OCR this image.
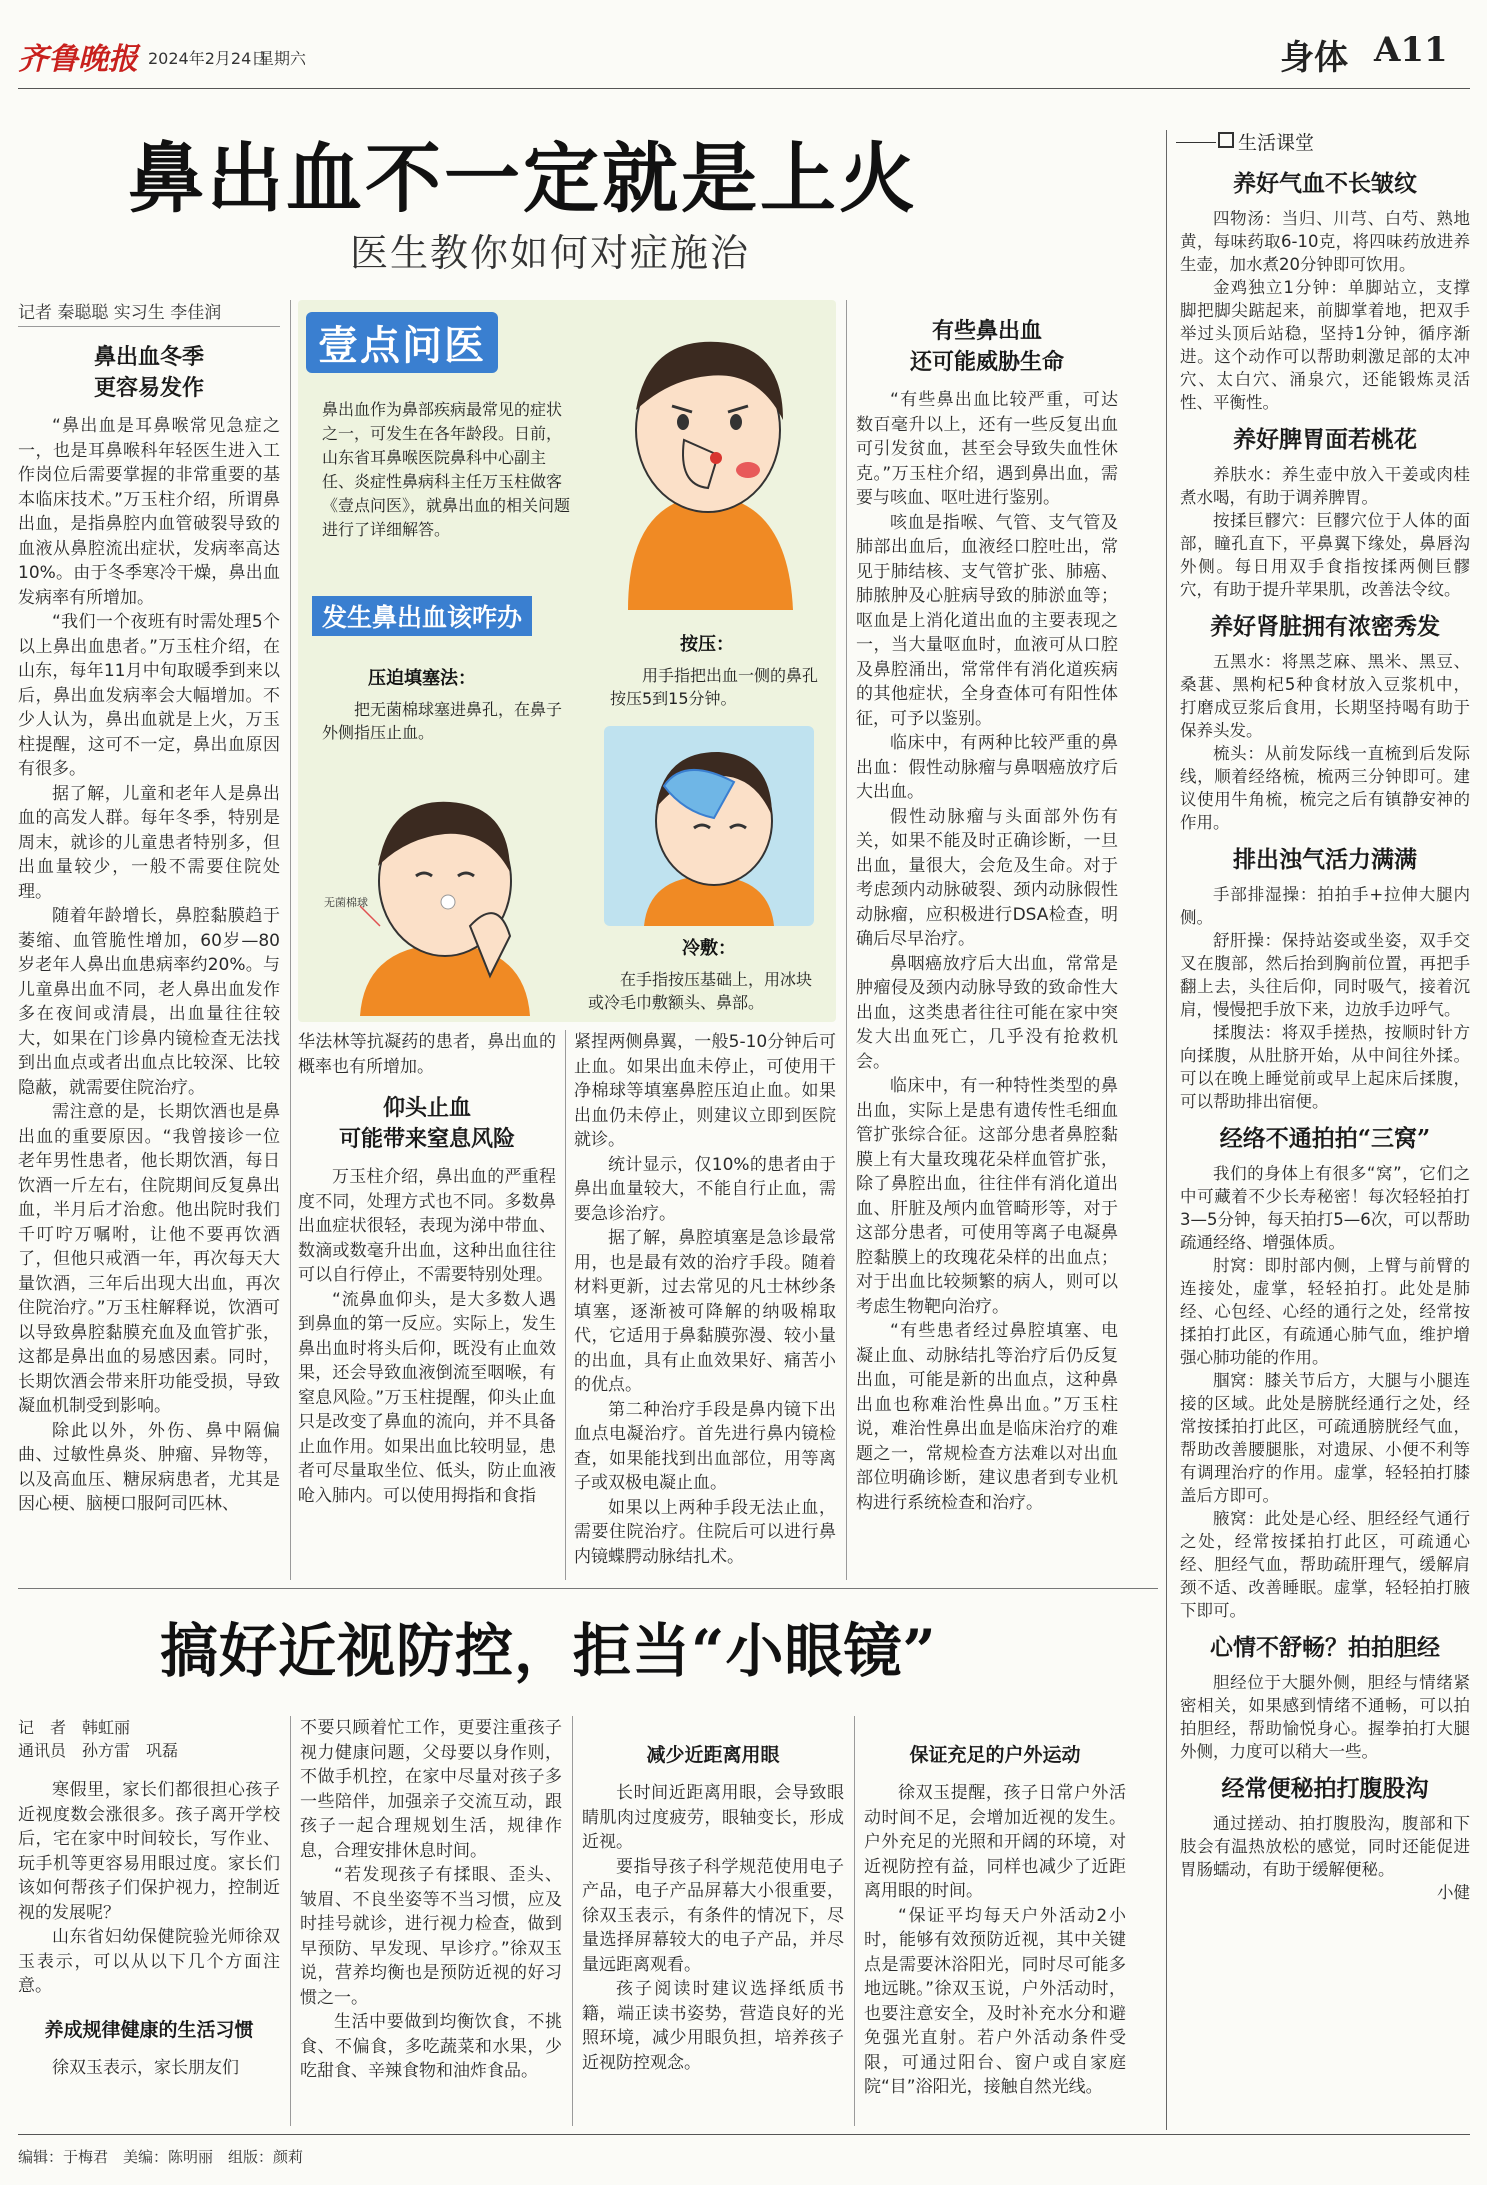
齐鲁晚报 2024年2月24日
星期六	身体 A11
鼻出血不一定就是上火
医生教你如何对症施治
记者 秦聪聪 实习生 李佳润
鼻出血冬季
更容易发作

“鼻出血是耳鼻喉常见急症之一，也是耳鼻喉科年轻医生进入工作岗位后需要掌握的非常重要的基本临床技术。”万玉柱介绍，所谓鼻出血，是指鼻腔内血管破裂导致的血液从鼻腔流出症状，发病率高达10%。由于冬季寒冷干燥，鼻出血发病率有所增加。

“我们一个夜班有时需处理5个以上鼻出血患者。”万玉柱介绍，在山东，每年11月中旬取暖季到来以后，鼻出血发病率会大幅增加。不少人认为，鼻出血就是上火，万玉柱提醒，这可不一定，鼻出血原因有很多。

据了解，儿童和老年人是鼻出血的高发人群。每年冬季，特别是周末，就诊的儿童患者特别多，但出血量较少，一般不需要住院处理。

随着年龄增长，鼻腔黏膜趋于萎缩、血管脆性增加，60岁—80岁老年人鼻出血患病率约20%。与儿童鼻出血不同，老人鼻出血发作多在夜间或清晨，出血量往往较大，如果在门诊鼻内镜检查无法找到出血点或者出血点比较深、比较隐蔽，就需要住院治疗。

需注意的是，长期饮酒也是鼻出血的重要原因。“我曾接诊一位老年男性患者，他长期饮酒，每日饮酒一斤左右，住院期间反复鼻出血，半月后才治愈。他出院时我们千叮咛万嘱咐，让他不要再饮酒了，但他只戒酒一年，再次每天大量饮酒，三年后出现大出血，再次住院治疗。”万玉柱解释说，饮酒可以导致鼻腔黏膜充血及血管扩张，这都是鼻出血的易感因素。同时，长期饮酒会带来肝功能受损，导致凝血机制受到影响。

除此以外，外伤、鼻中隔偏曲、过敏性鼻炎、肿瘤、异物等，以及高血压、糖尿病患者，尤其是因心梗、脑梗口服阿司匹林、

壹点问医
鼻出血作为鼻部疾病最常见的症状之一，可发生在各年龄段。日前，山东省耳鼻喉医院鼻科中心副主任、炎症性鼻病科主任万玉柱做客《壹点问医》，就鼻出血的相关问题进行了详细解答。
发生鼻出血该咋办
压迫填塞法：
把无菌棉球塞进鼻孔，在鼻子外侧指压止血。
按压：
用手指把出血一侧的鼻孔按压5到15分钟。
无菌棉球
冷敷：
在手指按压基础上，用冰块或冷毛巾敷额头、鼻部。

华法林等抗凝药的患者，鼻出血的概率也有所增加。

仰头止血
可能带来窒息风险

万玉柱介绍，鼻出血的严重程度不同，处理方式也不同。多数鼻出血症状很轻，表现为涕中带血、数滴或数毫升出血，这种出血往往可以自行停止，不需要特别处理。

“流鼻血仰头，是大多数人遇到鼻血的第一反应。实际上，发生鼻出血时将头后仰，既没有止血效果，还会导致血液倒流至咽喉，有窒息风险。”万玉柱提醒，仰头止血只是改变了鼻血的流向，并不具备止血作用。如果出血比较明显，患者可尽量取坐位、低头，防止血液呛入肺内。可以使用拇指和食指

紧捏两侧鼻翼，一般5-10分钟后可止血。如果出血未停止，可使用干净棉球等填塞鼻腔压迫止血。如果出血仍未停止，则建议立即到医院就诊。

统计显示，仅10%的患者由于鼻出血量较大，不能自行止血，需要急诊治疗。

据了解，鼻腔填塞是急诊最常用，也是最有效的治疗手段。随着材料更新，过去常见的凡士林纱条填塞，逐渐被可降解的纳吸棉取代，它适用于鼻黏膜弥漫、较小量的出血，具有止血效果好、痛苦小的优点。

第二种治疗手段是鼻内镜下出血点电凝治疗。首先进行鼻内镜检查，如果能找到出血部位，用等离子或双极电凝止血。

如果以上两种手段无法止血，需要住院治疗。住院后可以进行鼻内镜蝶腭动脉结扎术。

有些鼻出血
还可能威胁生命

“有些鼻出血比较严重，可达数百毫升以上，还有一些反复出血可引发贫血，甚至会导致失血性休克。”万玉柱介绍，遇到鼻出血，需要与咳血、呕吐进行鉴别。

咳血是指喉、气管、支气管及肺部出血后，血液经口腔吐出，常见于肺结核、支气管扩张、肺癌、肺脓肿及心脏病导致的肺淤血等；呕血是上消化道出血的主要表现之一，当大量呕血时，血液可从口腔及鼻腔涌出，常常伴有消化道疾病的其他症状，全身查体可有阳性体征，可予以鉴别。

临床中，有两种比较严重的鼻出血：假性动脉瘤与鼻咽癌放疗后大出血。

假性动脉瘤与头面部外伤有关，如果不能及时正确诊断，一旦出血，量很大，会危及生命。对于考虑颈内动脉破裂、颈内动脉假性动脉瘤，应积极进行DSA检查，明确后尽早治疗。

鼻咽癌放疗后大出血，常常是肿瘤侵及颈内动脉导致的致命性大出血，这类患者往往可能在家中突发大出血死亡，几乎没有抢救机会。

临床中，有一种特性类型的鼻出血，实际上是患有遗传性毛细血管扩张综合征。这部分患者鼻腔黏膜上有大量玫瑰花朵样血管扩张，除了鼻腔出血，往往伴有消化道出血、肝脏及颅内血管畸形等，对于这部分患者，可使用等离子电凝鼻腔黏膜上的玫瑰花朵样的出血点；对于出血比较频繁的病人，则可以考虑生物靶向治疗。

“有些患者经过鼻腔填塞、电凝止血、动脉结扎等治疗后仍反复出血，可能是新的出血点，这种鼻出血也称难治性鼻出血。”万玉柱说，难治性鼻出血是临床治疗的难题之一，常规检查方法难以对出血部位明确诊断，建议患者到专业机构进行系统检查和治疗。

生活课堂
养好气血不长皱纹

四物汤：当归、川芎、白芍、熟地黄，每味药取6-10克，将四味药放进养生壶，加水煮20分钟即可饮用。

金鸡独立1分钟：单脚站立，支撑脚把脚尖踮起来，前脚掌着地，把双手举过头顶后站稳，坚持1分钟，循序渐进。这个动作可以帮助刺激足部的太冲穴、太白穴、涌泉穴，还能锻炼灵活性、平衡性。

养好脾胃面若桃花

养肤水：养生壶中放入干姜或肉桂煮水喝，有助于调养脾胃。

按揉巨髎穴：巨髎穴位于人体的面部，瞳孔直下，平鼻翼下缘处，鼻唇沟外侧。每日用双手食指按揉两侧巨髎穴，有助于提升苹果肌，改善法令纹。

养好肾脏拥有浓密秀发

五黑水：将黑芝麻、黑米、黑豆、桑葚、黑枸杞5种食材放入豆浆机中，打磨成豆浆后食用，长期坚持喝有助于保养头发。

梳头：从前发际线一直梳到后发际线，顺着经络梳，梳两三分钟即可。建议使用牛角梳，梳完之后有镇静安神的作用。

排出浊气活力满满

手部排湿操：拍拍手+拉伸大腿内侧。

舒肝操：保持站姿或坐姿，双手交叉在腹部，然后抬到胸前位置，再把手翻上去，头往后仰，同时吸气，接着沉肩，慢慢把手放下来，边放手边呼气。

揉腹法：将双手搓热，按顺时针方向揉腹，从肚脐开始，从中间往外揉。可以在晚上睡觉前或早上起床后揉腹，可以帮助排出宿便。

经络不通拍拍“三窝”

我们的身体上有很多“窝”，它们之中可藏着不少长寿秘密！每次轻轻拍打3—5分钟，每天拍打5—6次，可以帮助疏通经络、增强体质。

肘窝：即肘部内侧，上臂与前臂的连接处，虚掌，轻轻拍打。此处是肺经、心包经、心经的通行之处，经常按揉拍打此区，有疏通心肺气血，维护增强心肺功能的作用。

腘窝：膝关节后方，大腿与小腿连接的区域。此处是膀胱经通行之处，经常按揉拍打此区，可疏通膀胱经气血，帮助改善腰腿胀，对遗尿、小便不利等有调理治疗的作用。虚掌，轻轻拍打膝盖后方即可。

腋窝：此处是心经、胆经经气通行之处，经常按揉拍打此区，可疏通心经、胆经气血，帮助疏肝理气，缓解肩颈不适、改善睡眠。虚掌，轻轻拍打腋下即可。

心情不舒畅？拍拍胆经

胆经位于大腿外侧，胆经与情绪紧密相关，如果感到情绪不通畅，可以拍拍胆经，帮助愉悦身心。握拳拍打大腿外侧，力度可以稍大一些。

经常便秘拍打腹股沟

通过搓动、拍打腹股沟，腹部和下肢会有温热放松的感觉，同时还能促进胃肠蠕动，有助于缓解便秘。

小健
搞好近视防控，拒当“小眼镜”
记　者　韩虹丽
通讯员　孙方雷　巩磊

寒假里，家长们都很担心孩子近视度数会涨很多。孩子离开学校后，宅在家中时间较长，写作业、玩手机等更容易用眼过度。家长们该如何帮孩子们保护视力，控制近视的发展呢？

山东省妇幼保健院验光师徐双玉表示，可以从以下几个方面注意。

养成规律健康的生活习惯

徐双玉表示，家长朋友们

不要只顾着忙工作，更要注重孩子视力健康问题，父母要以身作则，不做手机控，在家中尽量对孩子多一些陪伴，加强亲子交流互动，跟孩子一起合理规划生活，规律作息，合理安排休息时间。

“若发现孩子有揉眼、歪头、皱眉、不良坐姿等不当习惯，应及时挂号就诊，进行视力检查，做到早预防、早发现、早诊疗。”徐双玉说，营养均衡也是预防近视的好习惯之一。

生活中要做到均衡饮食，不挑食、不偏食，多吃蔬菜和水果，少吃甜食、辛辣食物和油炸食品。

减少近距离用眼

长时间近距离用眼，会导致眼睛肌肉过度疲劳，眼轴变长，形成近视。

要指导孩子科学规范使用电子产品，电子产品屏幕大小很重要，徐双玉表示，有条件的情况下，尽量选择屏幕较大的电子产品，并尽量远距离观看。

孩子阅读时建议选择纸质书籍，端正读书姿势，营造良好的光照环境，减少用眼负担，培养孩子近视防控观念。

保证充足的户外运动

徐双玉提醒，孩子日常户外活动时间不足，会增加近视的发生。户外充足的光照和开阔的环境，对近视防控有益，同样也减少了近距离用眼的时间。

“保证平均每天户外活动2小时，能够有效预防近视，其中关键点是需要沐浴阳光，同时尽可能多地远眺。”徐双玉说，户外活动时，也要注意安全，及时补充水分和避免强光直射。若户外活动条件受限，可通过阳台、窗户或自家庭院“目”浴阳光，接触自然光线。

编辑：于梅君　美编：陈明丽　组版：颜莉
